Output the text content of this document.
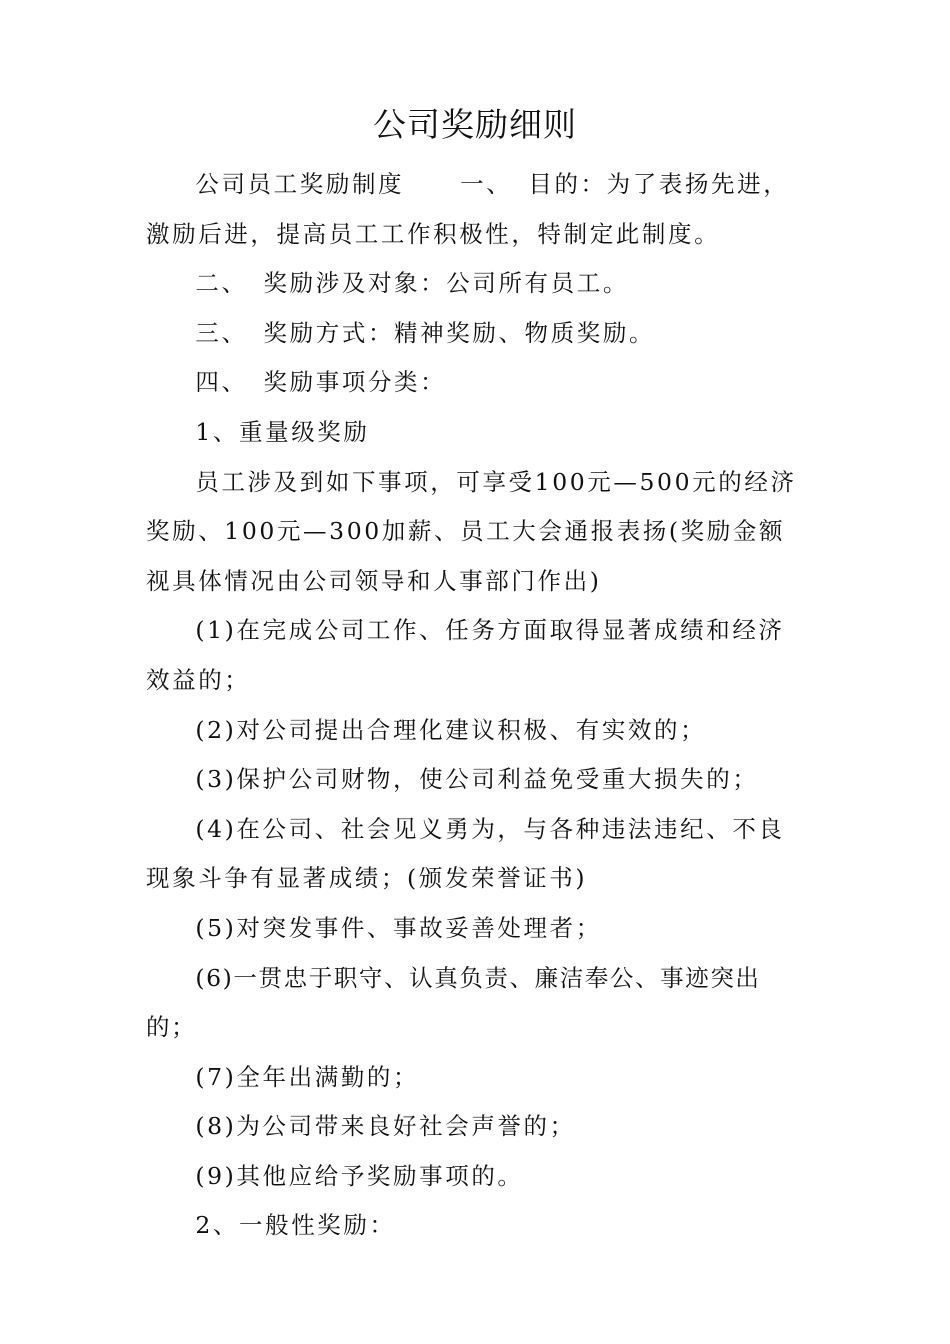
公司奖励细则

公司员工奖励制度 一、 目的：为了表扬先进，激励后进，提高员工工作积极性，特制定此制度。

二、 奖励涉及对象：公司所有员工。

三、 奖励方式：精神奖励、物质奖励。

四、 奖励事项分类：

1、重量级奖励

员工涉及到如下事项，可享受100元—500元的经济奖励、100元—300加薪、员工大会通报表扬(奖励金额视具体情况由公司领导和人事部门作出)

(1)在完成公司工作、任务方面取得显著成绩和经济效益的；

(2)对公司提出合理化建议积极、有实效的；

(3)保护公司财物，使公司利益免受重大损失的；

(4)在公司、社会见义勇为，与各种违法违纪、不良现象斗争有显著成绩；(颁发荣誉证书)

(5)对突发事件、事故妥善处理者；

(6)一贯忠于职守、认真负责、廉洁奉公、事迹突出的；

(7)全年出满勤的；

(8)为公司带来良好社会声誉的；

(9)其他应给予奖励事项的。

2、一般性奖励：
